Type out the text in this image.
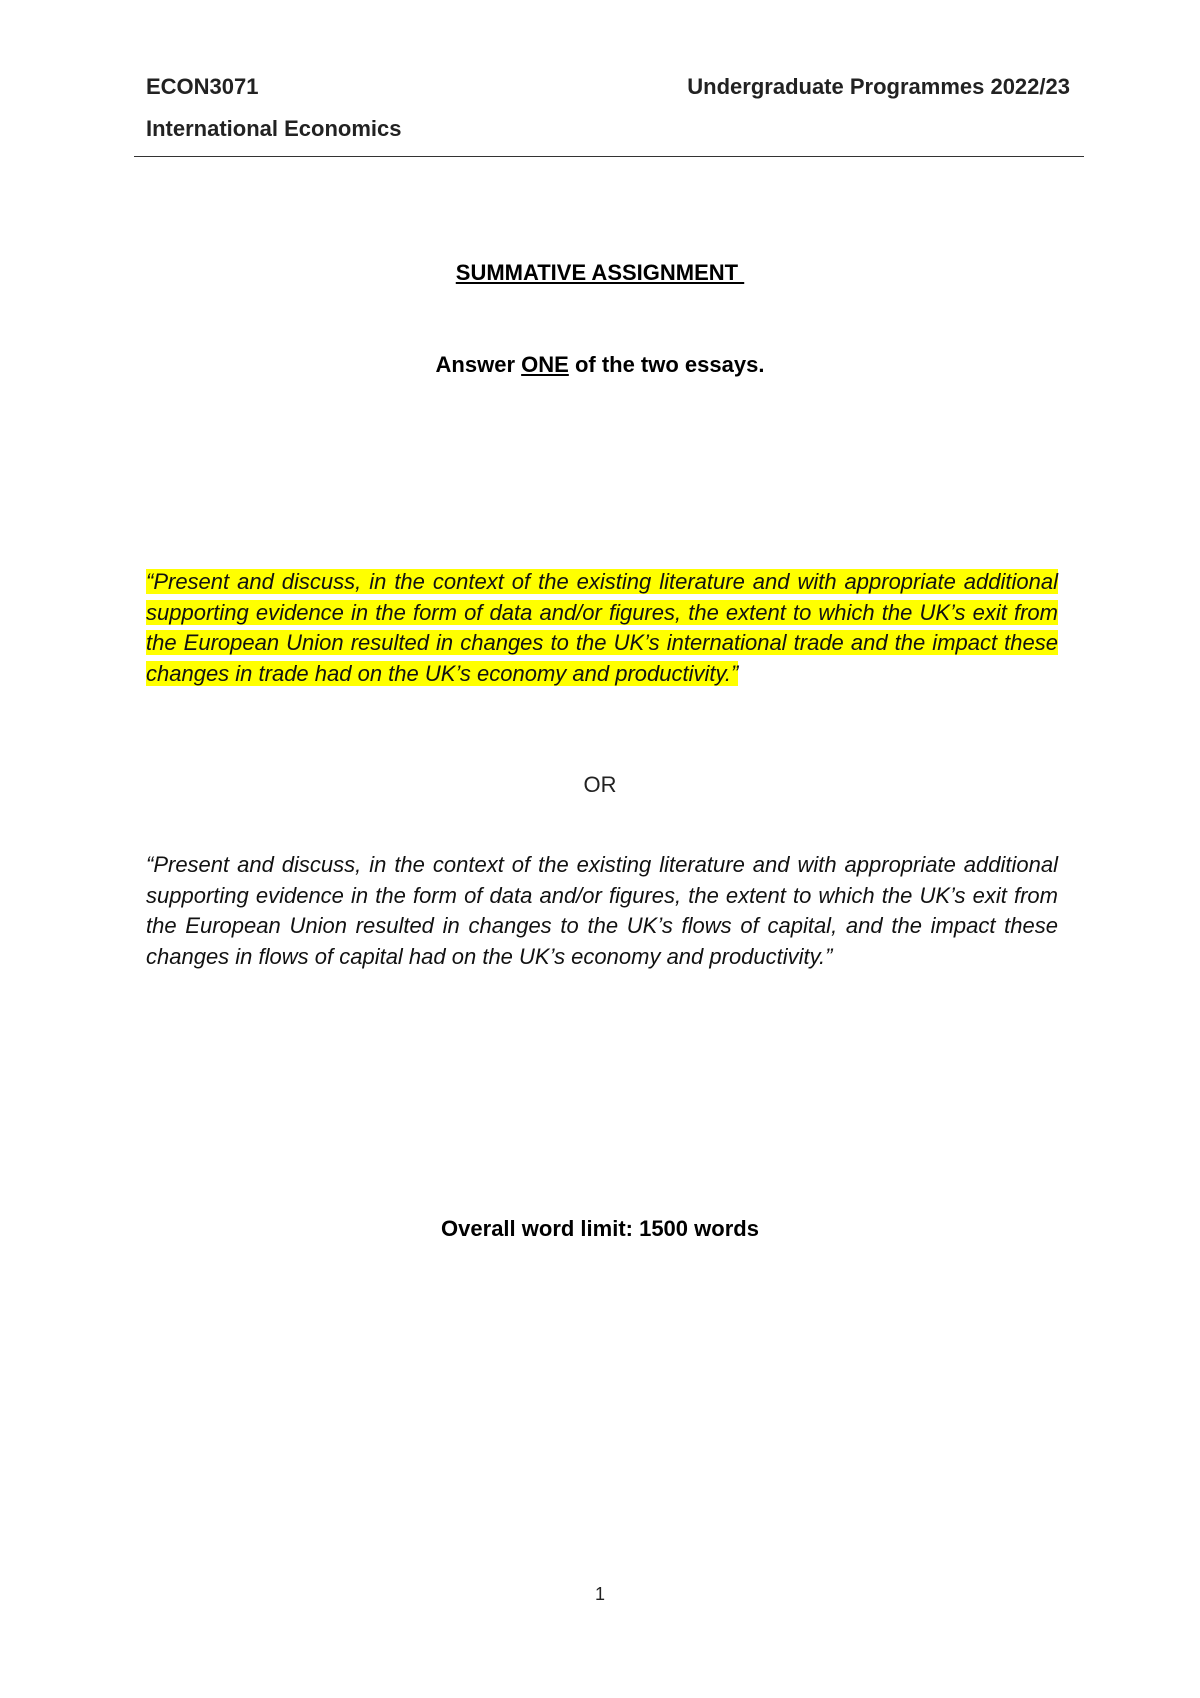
ECON3071	Undergraduate Programmes 2022/23
International Economics
SUMMATIVE ASSIGNMENT
Answer ONE of the two essays.
“Present and discuss, in the context of the existing literature and with appropriate additional supporting evidence in the form of data and/or figures, the extent to which the UK’s exit from the European Union resulted in changes to the UK’s international trade and the impact these changes in trade had on the UK’s economy and productivity.”
OR
“Present and discuss, in the context of the existing literature and with appropriate additional supporting evidence in the form of data and/or figures, the extent to which the UK’s exit from the European Union resulted in changes to the UK’s flows of capital, and the impact these changes in flows of capital had on the UK’s economy and productivity.”
Overall word limit: 1500 words
1
